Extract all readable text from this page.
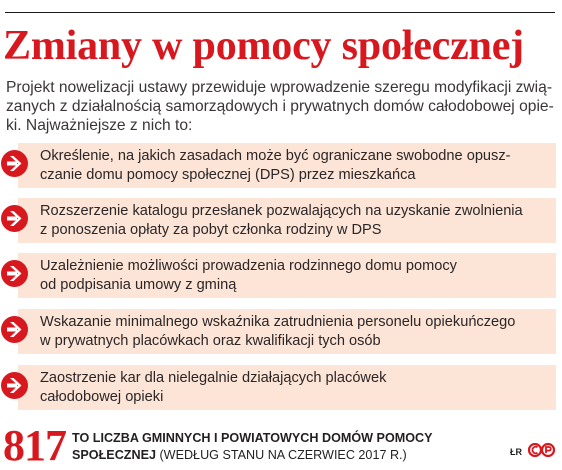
Zmiany w pomocy społecznej
Projekt nowelizacji ustawy przewiduje wprowadzenie szeregu modyfikacji zwią-
zanych z działalnością samorządowych i prywatnych domów całodobowej opie-
ki. Najważniejsze z nich to:
Określenie, na jakich zasadach może być ograniczane swobodne opusz-
czanie domu pomocy społecznej (DPS) przez mieszkańca
Rozszerzenie katalogu przesłanek pozwalających na uzyskanie zwolnienia
z ponoszenia opłaty za pobyt członka rodziny w DPS
Uzależnienie możliwości prowadzenia rodzinnego domu pomocy
od podpisania umowy z gminą
Wskazanie minimalnego wskaźnika zatrudnienia personelu opiekuńczego
w prywatnych placówkach oraz kwalifikacji tych osób
Zaostrzenie kar dla nielegalnie działających placówek
całodobowej opieki
817 TO LICZBA GMINNYCH I POWIATOWYCH DOMÓW POMOCY
SPOŁECZNEJ (WEDŁUG STANU NA CZERWIEC 2017 R.)	ŁR
